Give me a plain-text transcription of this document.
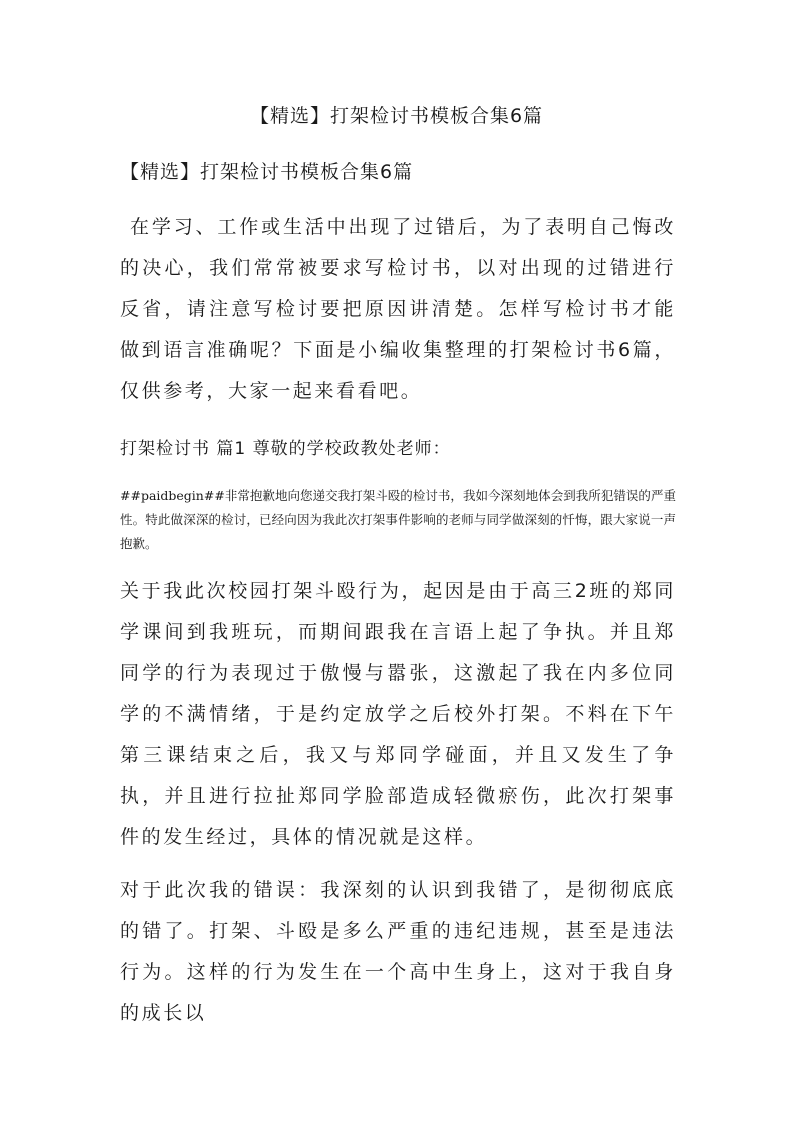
【精选】打架检讨书模板合集6篇
【精选】打架检讨书模板合集6篇

在学习、工作或生活中出现了过错后，为了表明自己悔改的决心，我们常常被要求写检讨书，以对出现的过错进行反省，请注意写检讨要把原因讲清楚。怎样写检讨书才能做到语言准确呢？下面是小编收集整理的打架检讨书6篇，仅供参考，大家一起来看看吧。

打架检讨书 篇1 尊敬的学校政教处老师：

##paidbegin##非常抱歉地向您递交我打架斗殴的检讨书，我如今深刻地体会到我所犯错误的严重性。特此做深深的检讨，已经向因为我此次打架事件影响的老师与同学做深刻的忏悔，跟大家说一声抱歉。

关于我此次校园打架斗殴行为，起因是由于高三2班的郑同学课间到我班玩，而期间跟我在言语上起了争执。并且郑同学的行为表现过于傲慢与嚣张，这激起了我在内多位同学的不满情绪，于是约定放学之后校外打架。不料在下午第三课结束之后，我又与郑同学碰面，并且又发生了争执，并且进行拉扯郑同学脸部造成轻微瘀伤，此次打架事件的发生经过，具体的情况就是这样。

对于此次我的错误：我深刻的认识到我错了，是彻彻底底的错了。打架、斗殴是多么严重的违纪违规，甚至是违法行为。这样的行为发生在一个高中生身上，这对于我自身的成长以
